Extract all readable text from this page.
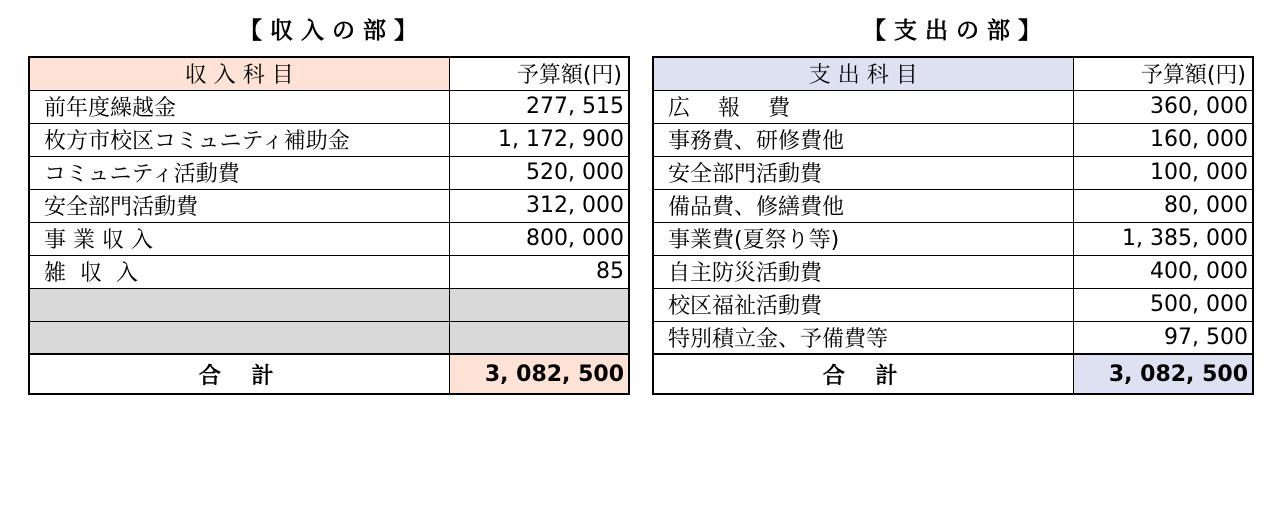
【 収 入 の 部 】
収 入 科 目	予算額(円)
前年度繰越金	277, 515
枚方市校区コミュニティ補助金	1, 172, 900
コミュニティ活動費	520, 000
安全部門活動費	312, 000
事 業 収 入	800, 000
雑  収  入	85

合    計	3, 082, 500
【 支 出 の 部 】
支 出 科 目	予算額(円)
広    報    費	360, 000
事務費、研修費他	160, 000
安全部門活動費	100, 000
備品費、修繕費他	80, 000
事業費(夏祭り等)	1, 385, 000
自主防災活動費	400, 000
校区福祉活動費	500, 000
特別積立金、予備費等	97, 500
合    計	3, 082, 500
